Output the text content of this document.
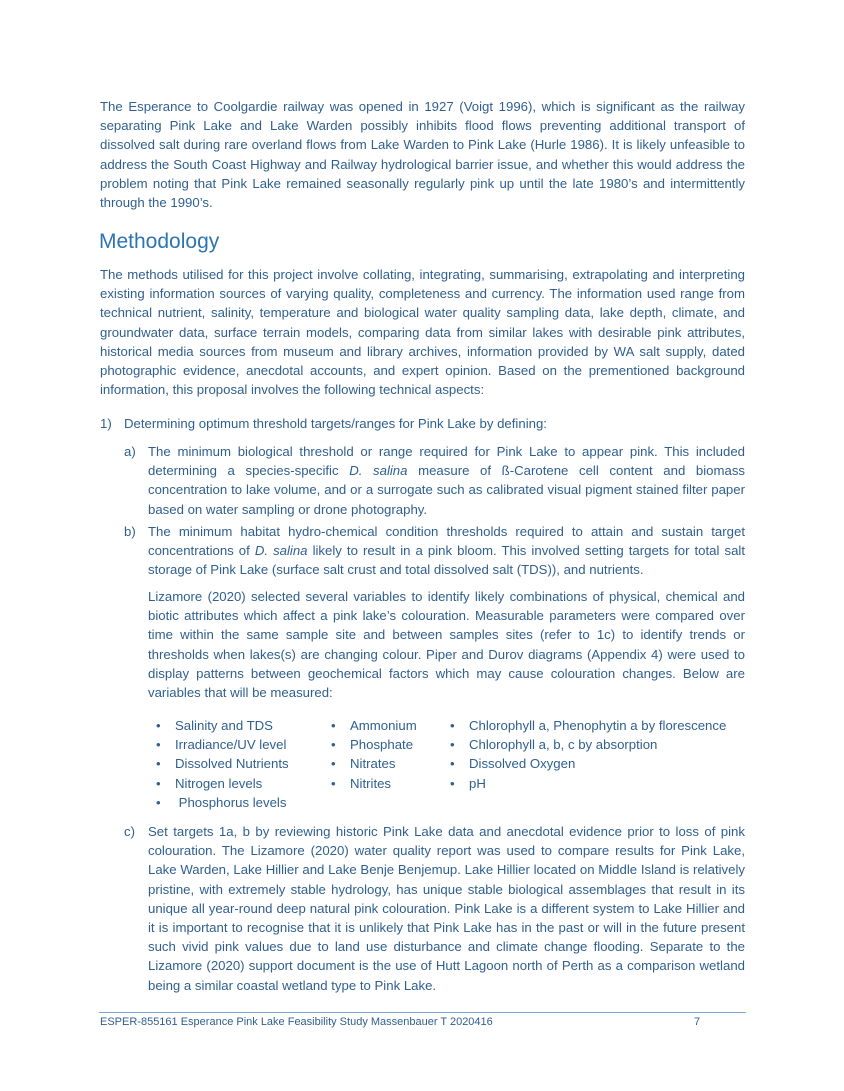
The Esperance to Coolgardie railway was opened in 1927 (Voigt 1996), which is significant as the railway separating Pink Lake and Lake Warden possibly inhibits flood flows preventing additional transport of dissolved salt during rare overland flows from Lake Warden to Pink Lake (Hurle 1986). It is likely unfeasible to address the South Coast Highway and Railway hydrological barrier issue, and whether this would address the problem noting that Pink Lake remained seasonally regularly pink up until the late 1980’s and intermittently through the 1990’s.

Methodology

The methods utilised for this project involve collating, integrating, summarising, extrapolating and interpreting existing information sources of varying quality, completeness and currency. The information used range from technical nutrient, salinity, temperature and biological water quality sampling data, lake depth, climate, and groundwater data, surface terrain models, comparing data from similar lakes with desirable pink attributes, historical media sources from museum and library archives, information provided by WA salt supply, dated photographic evidence, anecdotal accounts, and expert opinion. Based on the prementioned background information, this proposal involves the following technical aspects:

1) Determining optimum threshold targets/ranges for Pink Lake by defining:

a) The minimum biological threshold or range required for Pink Lake to appear pink. This included determining a species-specific D. salina measure of ß-Carotene cell content and biomass concentration to lake volume, and or a surrogate such as calibrated visual pigment stained filter paper based on water sampling or drone photography.

b) The minimum habitat hydro-chemical condition thresholds required to attain and sustain target concentrations of D. salina likely to result in a pink bloom. This involved setting targets for total salt storage of Pink Lake (surface salt crust and total dissolved salt (TDS)), and nutrients.

Lizamore (2020) selected several variables to identify likely combinations of physical, chemical and biotic attributes which affect a pink lake’s colouration. Measurable parameters were compared over time within the same sample site and between samples sites (refer to 1c) to identify trends or thresholds when lakes(s) are changing colour. Piper and Durov diagrams (Appendix 4) were used to display patterns between geochemical factors which may cause colouration changes. Below are variables that will be measured:

• Salinity and TDS
• Irradiance/UV level
• Dissolved Nutrients
• Nitrogen levels
•  Phosphorus levels
• Ammonium
• Phosphate
• Nitrates
• Nitrites
• Chlorophyll a, Phenophytin a by florescence
• Chlorophyll a, b, c by absorption
• Dissolved Oxygen
• pH
c) Set targets 1a, b by reviewing historic Pink Lake data and anecdotal evidence prior to loss of pink colouration. The Lizamore (2020) water quality report was used to compare results for Pink Lake, Lake Warden, Lake Hillier and Lake Benje Benjemup. Lake Hillier located on Middle Island is relatively pristine, with extremely stable hydrology, has unique stable biological assemblages that result in its unique all year-round deep natural pink colouration. Pink Lake is a different system to Lake Hillier and it is important to recognise that it is unlikely that Pink Lake has in the past or will in the future present such vivid pink values due to land use disturbance and climate change flooding. Separate to the Lizamore (2020) support document is the use of Hutt Lagoon north of Perth as a comparison wetland being a similar coastal wetland type to Pink Lake.

ESPER-855161 Esperance Pink Lake Feasibility Study Massenbauer T 2020416	7
